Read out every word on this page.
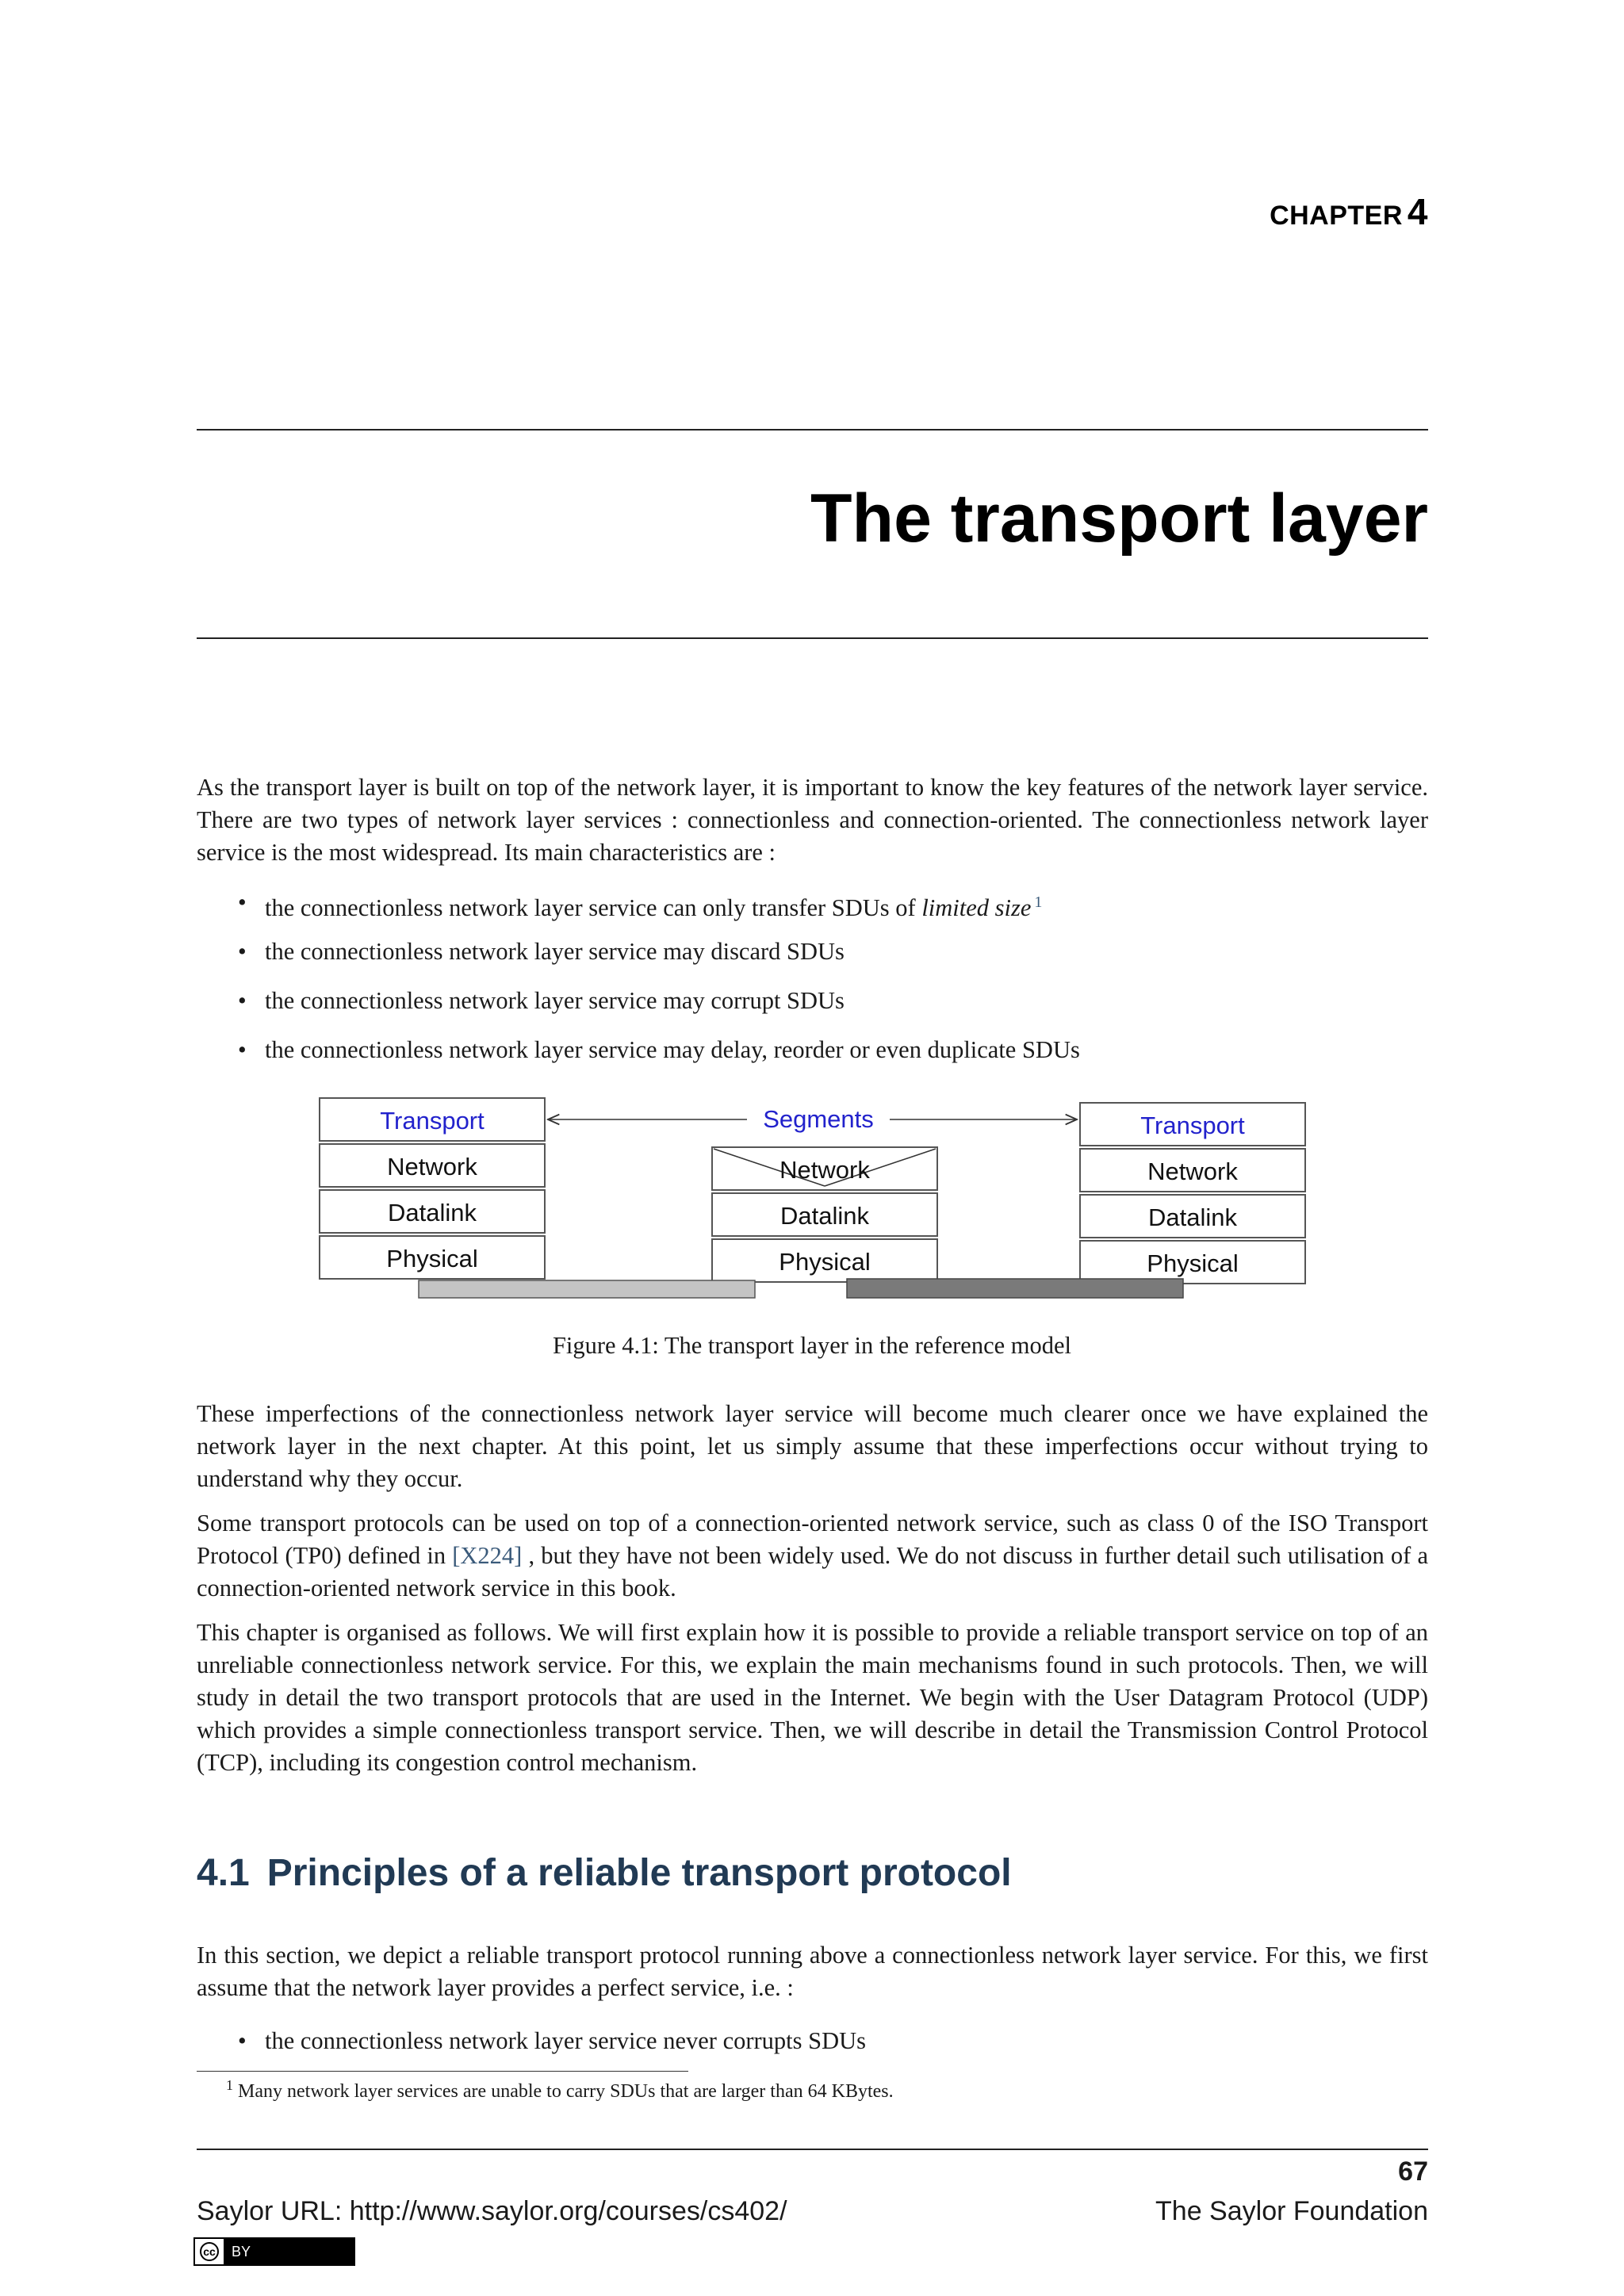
CHAPTER 4
The transport layer

As the transport layer is built on top of the network layer, it is important to know the key features of the network layer service. There are two types of network layer services : connectionless and connection-oriented. The connectionless network layer service is the most widespread. Its main characteristics are :

• the connectionless network layer service can only transfer SDUs of limited size $^1$
• the connectionless network layer service may discard SDUs
• the connectionless network layer service may corrupt SDUs
• the connectionless network layer service may delay, reorder or even duplicate SDUs
Transport
Network
Datalink
Physical
Segments
Network
Datalink
Physical
Transport
Network
Datalink
Physical
Figure 4.1: The transport layer in the reference model

These imperfections of the connectionless network layer service will become much clearer once we have explained the network layer in the next chapter. At this point, let us simply assume that these imperfections occur without trying to understand why they occur.

Some transport protocols can be used on top of a connection-oriented network service, such as class 0 of the ISO Transport Protocol (TP0) defined in [X224] , but they have not been widely used. We do not discuss in further detail such utilisation of a connection-oriented network service in this book.

This chapter is organised as follows. We will first explain how it is possible to provide a reliable transport service on top of an unreliable connectionless network service. For this, we explain the main mechanisms found in such protocols. Then, we will study in detail the two transport protocols that are used in the Internet. We begin with the User Datagram Protocol (UDP) which provides a simple connectionless transport service. Then, we will describe in detail the Transmission Control Protocol (TCP), including its congestion control mechanism.

4.1 Principles of a reliable transport protocol

In this section, we depict a reliable transport protocol running above a connectionless network layer service. For this, we first assume that the network layer provides a perfect service, i.e. :

• the connectionless network layer service never corrupts SDUs
$^1$ Many network layer services are unable to carry SDUs that are larger than 64 KBytes.
67
Saylor URL: http://www.saylor.org/courses/cs402/	The Saylor Foundation
cc	BY
